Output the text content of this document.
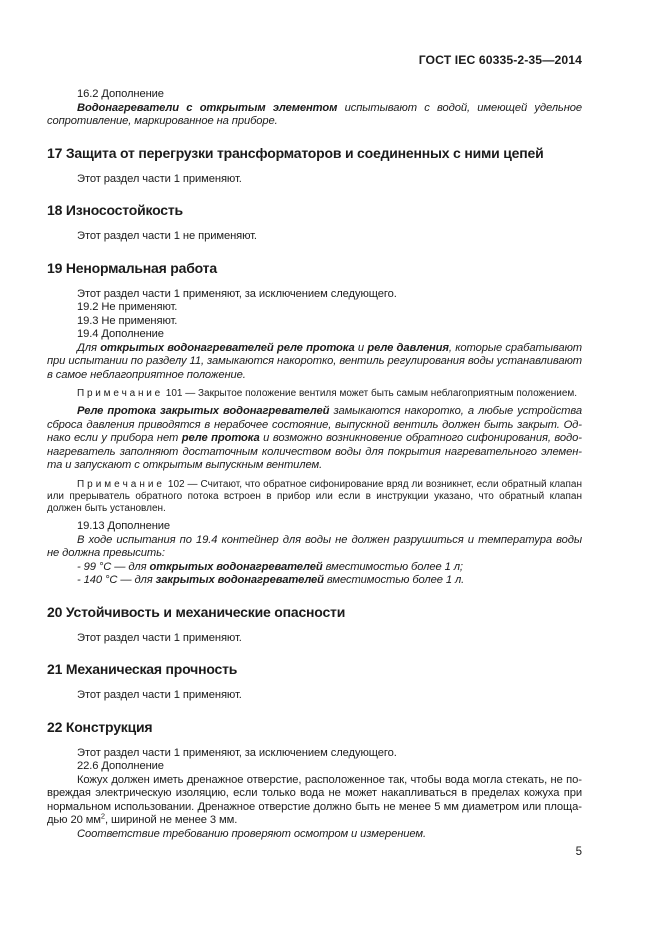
ГОСТ IEC 60335-2-35—2014

16.2 Дополнение

Водонагреватели с открытым элементом испытывают с водой, имеющей удельное сопротивление, маркированное на приборе.

17 Защита от перегрузки трансформаторов и соединенных с ними цепей

Этот раздел части 1 применяют.

18 Износостойкость

Этот раздел части 1 не применяют.

19 Ненормальная работа

Этот раздел части 1 применяют, за исключением следующего.

19.2 Не применяют.

19.3 Не применяют.

19.4 Дополнение

Для открытых водонагревателей реле протока и реле давления, которые срабатывают при испытании по разделу 11, замыкаются накоротко, вентиль регулирования воды устанавливают в самое неблагоприятное положение.

П р и м е ч а н и е  101 — Закрытое положение вентиля может быть самым неблагоприятным положением.

Реле протока закрытых водонагревателей замыкаются накоротко, а любые устройства сброса давления приводятся в нерабочее состояние, выпускной вентиль должен быть закрыт. Однако если у прибора нет реле протока и возможно возникновение обратного сифонирования, водонагреватель заполняют достаточным количеством воды для покрытия нагревательного элемента и запускают с открытым выпускным вентилем.

П р и м е ч а н и е  102 — Считают, что обратное сифонирование вряд ли возникнет, если обратный клапан или прерыватель обратного потока встроен в прибор или если в инструкции указано, что обратный клапан должен быть установлен.

19.13 Дополнение

В ходе испытания по 19.4 контейнер для воды не должен разрушиться и температура воды не должна превысить:

- 99 °С — для открытых водонагревателей вместимостью более 1 л;

- 140 °С — для закрытых водонагревателей вместимостью более 1 л.

20 Устойчивость и механические опасности

Этот раздел части 1 применяют.

21 Механическая прочность

Этот раздел части 1 применяют.

22 Конструкция

Этот раздел части 1 применяют, за исключением следующего.

22.6 Дополнение

Кожух должен иметь дренажное отверстие, расположенное так, чтобы вода могла стекать, не повреждая электрическую изоляцию, если только вода не может накапливаться в пределах кожуха при нормальном использовании. Дренажное отверстие должно быть не менее 5 мм диаметром или площадью 20 $мм^2$, шириной не менее 3 мм.

Соответствие требованию проверяют осмотром и измерением.

5
